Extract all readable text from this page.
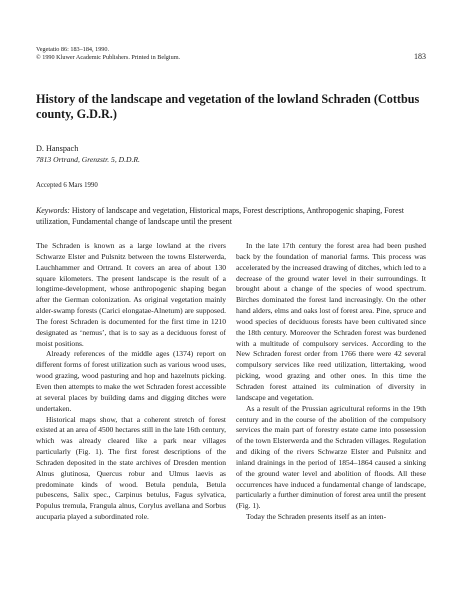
Vegetatio 86: 183–184, 1990.
© 1990 Kluwer Academic Publishers. Printed in Belgium.	183
History of the landscape and vegetation of the lowland Schraden (Cottbus county, G.D.R.)
D. Hanspach
7813 Ortrand, Grenzstr. 5, D.D.R.
Accepted 6 Mars 1990
Keywords: History of landscape and vegetation, Historical maps, Forest descriptions, Anthropogenic shaping, Forest utilization, Fundamental change of landscape until the present

The Schraden is known as a large lowland at the rivers Schwarze Elster and Pulsnitz between the towns Elsterwerda, Lauchhammer and Ortrand. It covers an area of about 130 square kilometers. The present landscape is the result of a longtime-development, whose anthropogenic shaping began after the German colonization. As original vegetation mainly alder-swamp forests (Carici elongatae-Alnetum) are supposed. The forest Schraden is documented for the first time in 1210 designated as ‘nemus’, that is to say as a deciduous forest of moist positions.

Already references of the middle ages (1374) report on different forms of forest utilization such as various wood uses, wood grazing, wood pasturing and hop and hazelnuts picking. Even then attempts to make the wet Schraden forest accessible at several places by building dams and digging ditches were undertaken.

Historical maps show, that a coherent stretch of forest existed at an area of 4500 hectares still in the late 16th century, which was already cleared like a park near villages particularly (Fig. 1). The first forest descriptions of the Schraden deposited in the state archives of Dresden mention Alnus glutinosa, Quercus robur and Ulmus laevis as predominate kinds of wood. Betula pendula, Betula pubescens, Salix spec., Carpinus betulus, Fagus sylvatica, Populus tremula, Frangula alnus, Corylus avellana and Sorbus aucuparia played a subordinated role.

In the late 17th century the forest area had been pushed back by the foundation of manorial farms. This process was accelerated by the increased drawing of ditches, which led to a decrease of the ground water level in their surroundings. It brought about a change of the species of wood spectrum. Birches dominated the forest land increasingly. On the other hand alders, elms and oaks lost of forest area. Pine, spruce and wood species of deciduous forests have been cultivated since the 18th century. Moreover the Schraden forest was burdened with a multitude of compulsory services. According to the New Schraden forest order from 1766 there were 42 several compulsory services like reed utilization, littertaking, wood picking, wood grazing and other ones. In this time the Schraden forest attained its culmination of diversity in landscape and vegetation.

As a result of the Prussian agricultural reforms in the 19th century and in the course of the abolition of the compulsory services the main part of forestry estate came into possession of the town Elsterwerda and the Schraden villages. Regulation and diking of the rivers Schwarze Elster and Pulsnitz and inland drainings in the period of 1854–1864 caused a sinking of the ground water level and abolition of floods. All these occurrences have induced a fundamental change of landscape, particularly a further diminution of forest area until the present (Fig. 1).

Today the Schraden presents itself as an inten-
